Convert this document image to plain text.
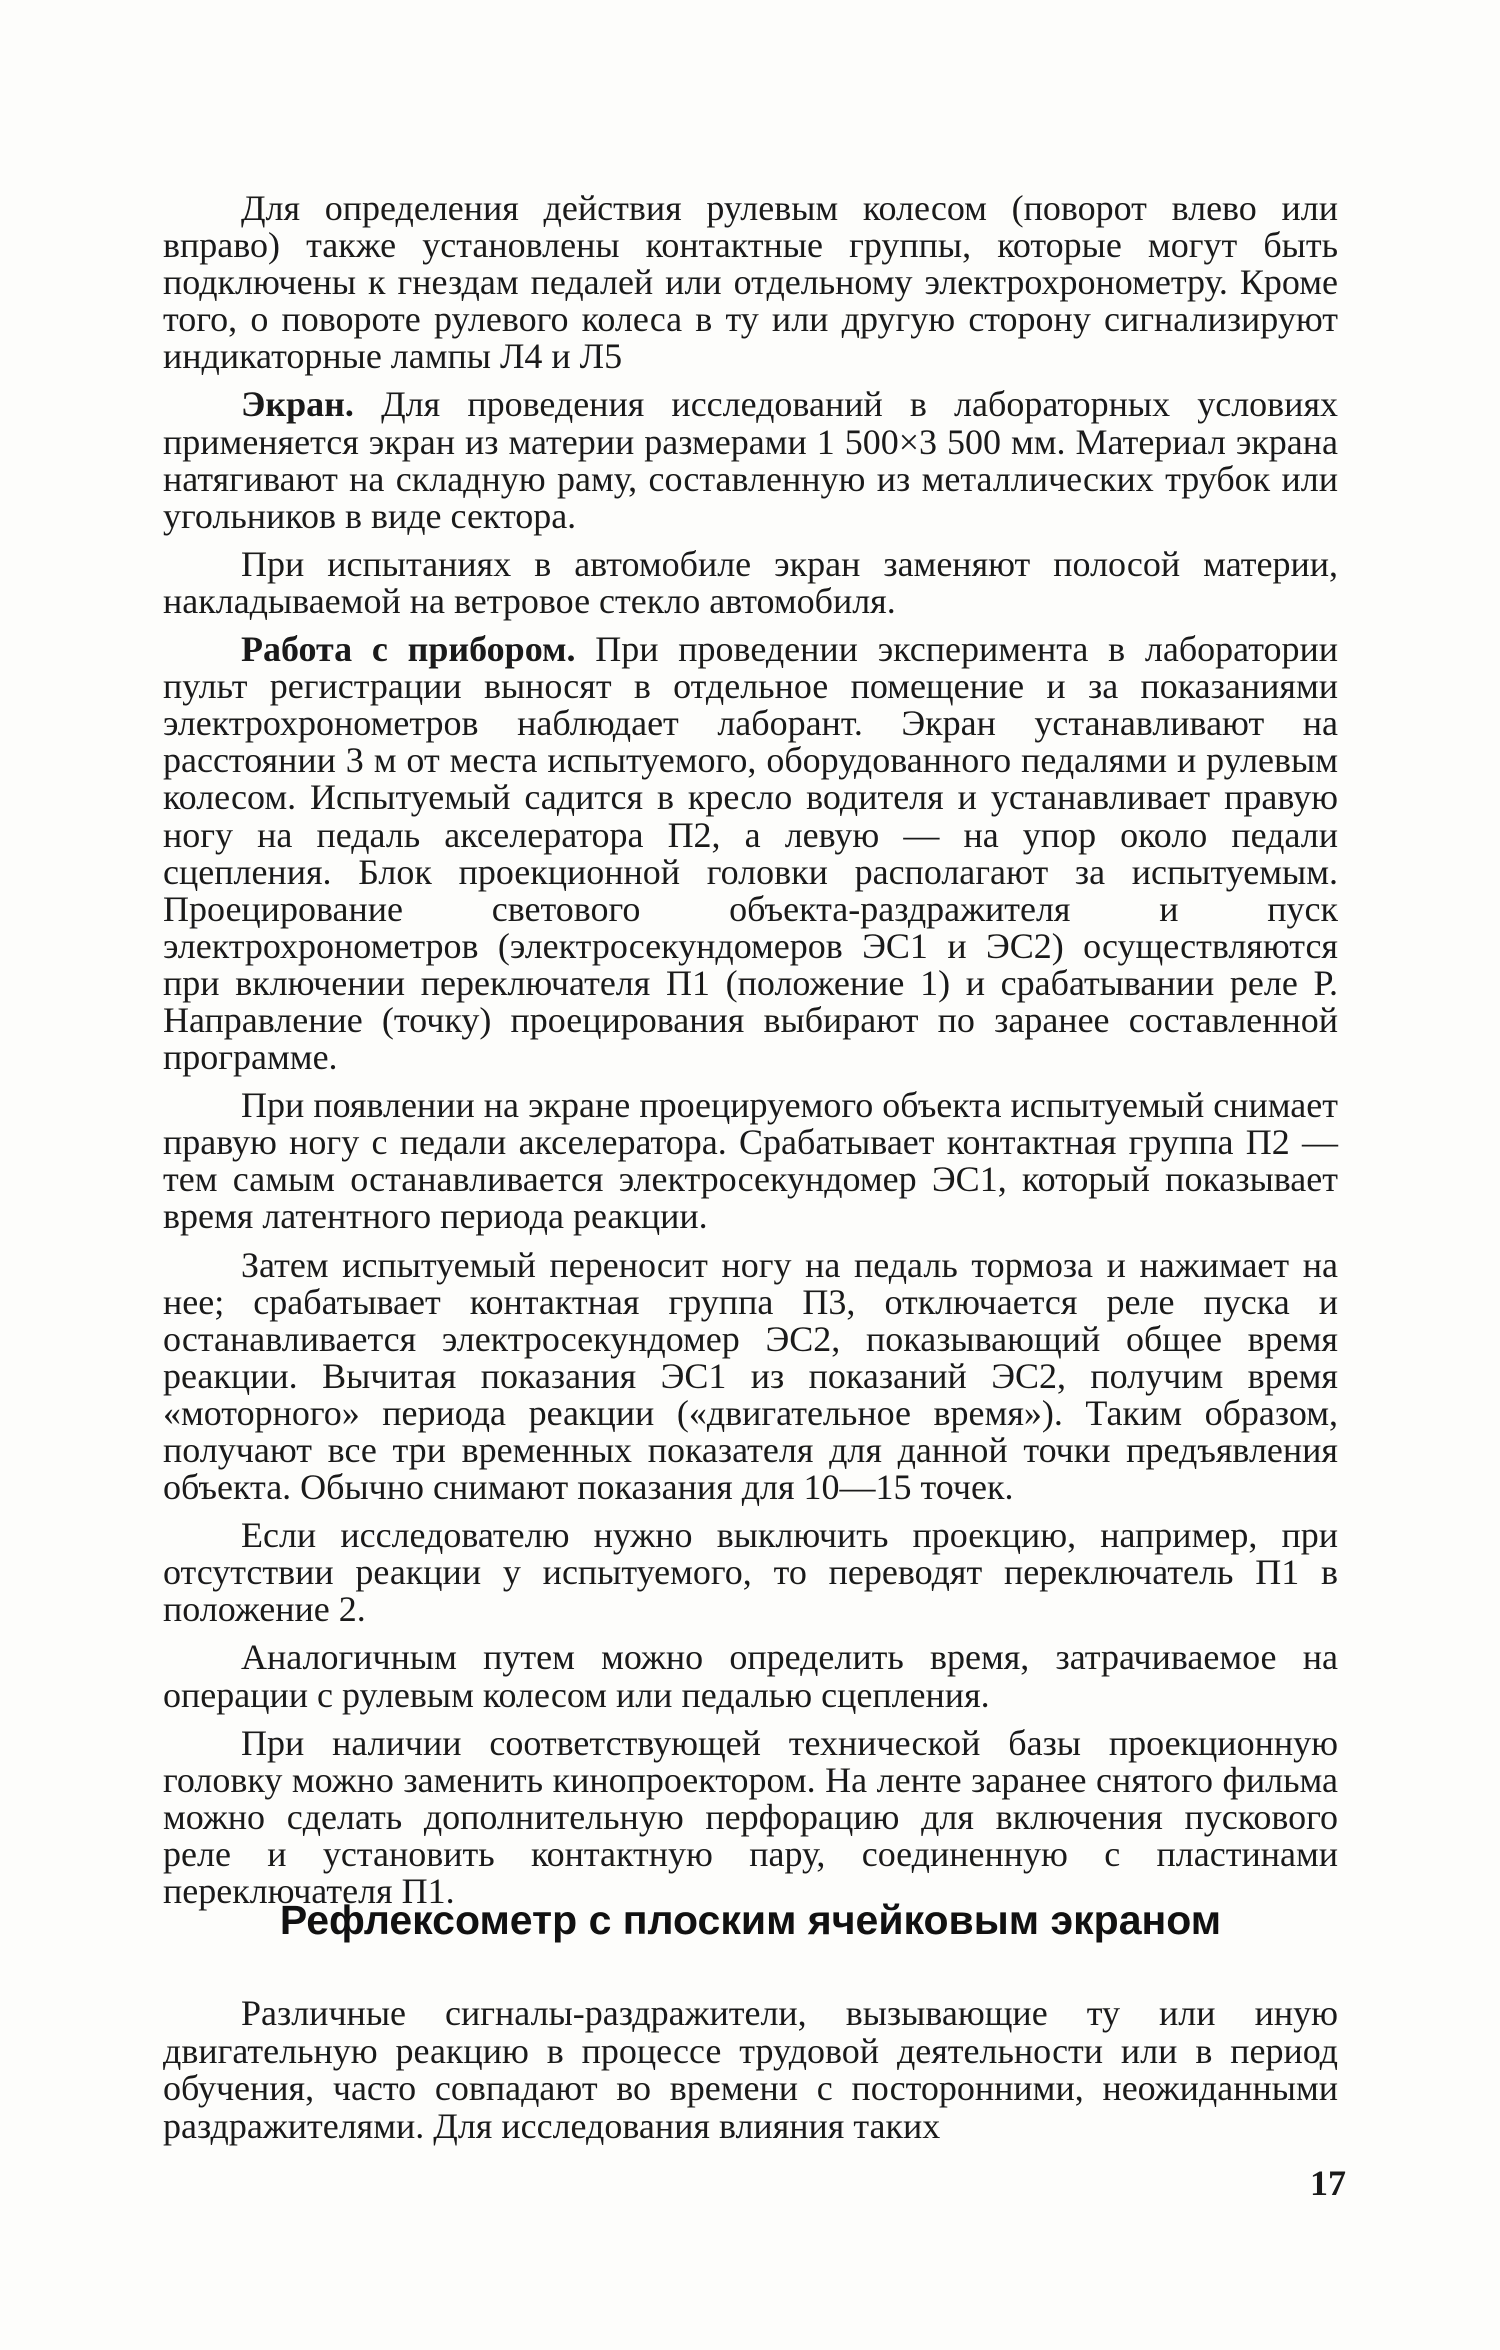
Для определения действия рулевым колесом (поворот влево или вправо) также установлены контактные группы, которые могут быть подключены к гнездам педалей или отдельному электрохронометру. Кроме того, о повороте рулевого колеса в ту или другую сторону сигнализируют индикаторные лампы Л4 и Л5

Экран. Для проведения исследований в лабораторных условиях применяется экран из материи размерами 1 500×3 500 мм. Материал экрана натягивают на складную раму, составленную из металлических трубок или угольников в виде сектора.

При испытаниях в автомобиле экран заменяют полосой материи, накладываемой на ветровое стекло автомобиля.

Работа с прибором. При проведении эксперимента в лаборатории пульт регистрации выносят в отдельное помещение и за показаниями электрохронометров наблюдает лаборант. Экран устанавливают на расстоянии 3 м от места испытуемого, оборудованного педалями и рулевым колесом. Испытуемый садится в кресло водителя и устанавливает правую ногу на педаль акселератора П2, а левую — на упор около педали сцепления. Блок проекционной головки располагают за испытуемым. Проецирование светового объекта-раздражителя и пуск электрохронометров (электросекундомеров ЭС1 и ЭС2) осуществляются при включении переключателя П1 (положение 1) и срабатывании реле Р. Направление (точку) проецирования выбирают по заранее составленной программе.

При появлении на экране проецируемого объекта испытуемый снимает правую ногу с педали акселератора. Срабатывает контактная группа П2 — тем самым останавливается электросекундомер ЭС1, который показывает время латентного периода реакции.

Затем испытуемый переносит ногу на педаль тормоза и нажимает на нее; срабатывает контактная группа П3, отключается реле пуска и останавливается электросекундомер ЭС2, показывающий общее время реакции. Вычитая показания ЭС1 из показаний ЭС2, получим время «моторного» периода реакции («двигательное время»). Таким образом, получают все три временных показателя для данной точки предъявления объекта. Обычно снимают показания для 10—15 точек.

Если исследователю нужно выключить проекцию, например, при отсутствии реакции у испытуемого, то переводят переключатель П1 в положение 2.

Аналогичным путем можно определить время, затрачиваемое на операции с рулевым колесом или педалью сцепления.

При наличии соответствующей технической базы проекционную головку можно заменить кинопроектором. На ленте заранее снятого фильма можно сделать дополнительную перфорацию для включения пускового реле и установить контактную пару, соединенную с пластинами переключателя П1.

Рефлексометр с плоским ячейковым экраном

Различные сигналы-раздражители, вызывающие ту или иную двигательную реакцию в процессе трудовой деятельности или в период обучения, часто совпадают во времени с посторонними, неожиданными раздражителями. Для исследования влияния таких

17
